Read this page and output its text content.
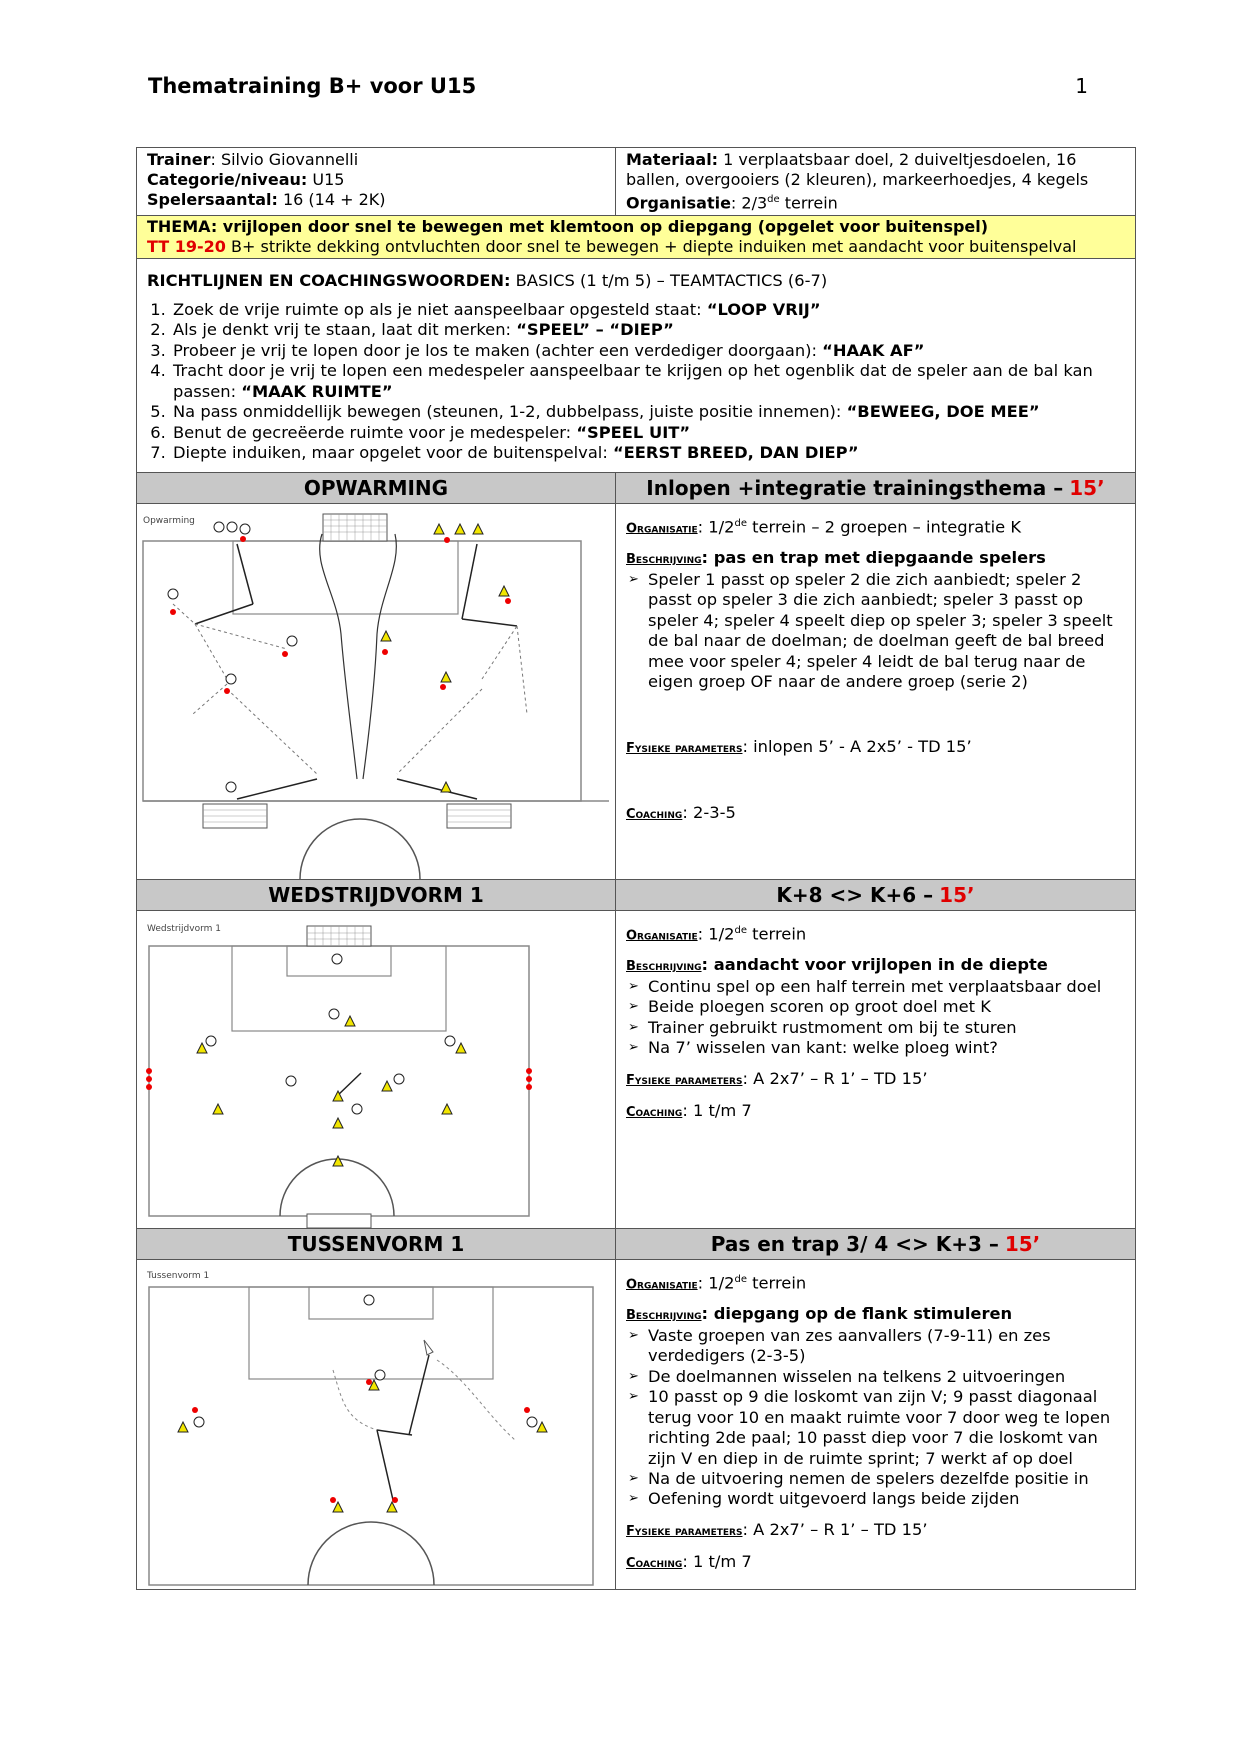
Thematraining B+ voor U15	1
Trainer: Silvio Giovannelli
Categorie/niveau: U15
Spelersaantal: 16 (14 + 2K)
Materiaal: 1 verplaatsbaar doel, 2 duiveltjesdoelen, 16 ballen, overgooiers (2 kleuren), markeerhoedjes, 4 kegels
Organisatie: 2/3de terrein
THEMA: vrijlopen door snel te bewegen met klemtoon op diepgang (opgelet voor buitenspel)
TT 19-20 B+ strikte dekking ontvluchten door snel te bewegen + diepte induiken met aandacht voor buitenspelval
RICHTLIJNEN EN COACHINGSWOORDEN: BASICS (1 t/m 5) – TEAMTACTICS (6-7)
1. Zoek de vrije ruimte op als je niet aanspeelbaar opgesteld staat: “LOOP VRIJ”
2. Als je denkt vrij te staan, laat dit merken: “SPEEL” – “DIEP”
3. Probeer je vrij te lopen door je los te maken (achter een verdediger doorgaan): “HAAK AF”
4. Tracht door je vrij te lopen een medespeler aanspeelbaar te krijgen op het ogenblik dat de speler aan de bal kan passen: “MAAK RUIMTE”
5. Na pass onmiddellijk bewegen (steunen, 1-2, dubbelpass, juiste positie innemen): “BEWEEG, DOE MEE”
6. Benut de gecreëerde ruimte voor je medespeler: “SPEEL UIT”
7. Diepte induiken, maar opgelet voor de buitenspelval: “EERST BREED, DAN DIEP”
OPWARMING	Inlopen +integratie trainingsthema – 15’
Opwarming
Organisatie: 1/2de terrein – 2 groepen – integratie K
Beschrijving: pas en trap met diepgaande spelers
➢ Speler 1 passt op speler 2 die zich aanbiedt; speler 2 passt op speler 3 die zich aanbiedt; speler 3 passt op speler 4; speler 4 speelt diep op speler 3; speler 3 speelt de bal naar de doelman; de doelman geeft de bal breed mee voor speler 4; speler 4 leidt de bal terug naar de eigen groep OF naar de andere groep (serie 2)
Fysieke parameters: inlopen 5’ - A 2x5’ - TD 15’
Coaching: 2-3-5
WEDSTRIJDVORM 1	K+8 <> K+6 – 15’
Wedstrijdvorm 1	Organisatie: 1/2de terrein
Beschrijving: aandacht voor vrijlopen in de diepte
➢ Continu spel op een half terrein met verplaatsbaar doel
➢ Beide ploegen scoren op groot doel met K
➢ Trainer gebruikt rustmoment om bij te sturen
➢ Na 7’ wisselen van kant: welke ploeg wint?
Fysieke parameters: A 2x7’ – R 1’ – TD 15’
Coaching: 1 t/m 7
TUSSENVORM 1	Pas en trap 3/ 4 <> K+3 – 15’
Tussenvorm 1
Organisatie: 1/2de terrein
Beschrijving: diepgang op de flank stimuleren
➢ Vaste groepen van zes aanvallers (7-9-11) en zes verdedigers (2-3-5)
➢ De doelmannen wisselen na telkens 2 uitvoeringen
➢ 10 passt op 9 die loskomt van zijn V; 9 passt diagonaal terug voor 10 en maakt ruimte voor 7 door weg te lopen richting 2de paal; 10 passt diep voor 7 die loskomt van zijn V en diep in de ruimte sprint; 7 werkt af op doel
➢ Na de uitvoering nemen de spelers dezelfde positie in
➢ Oefening wordt uitgevoerd langs beide zijden
Fysieke parameters: A 2x7’ – R 1’ – TD 15’
Coaching: 1 t/m 7
